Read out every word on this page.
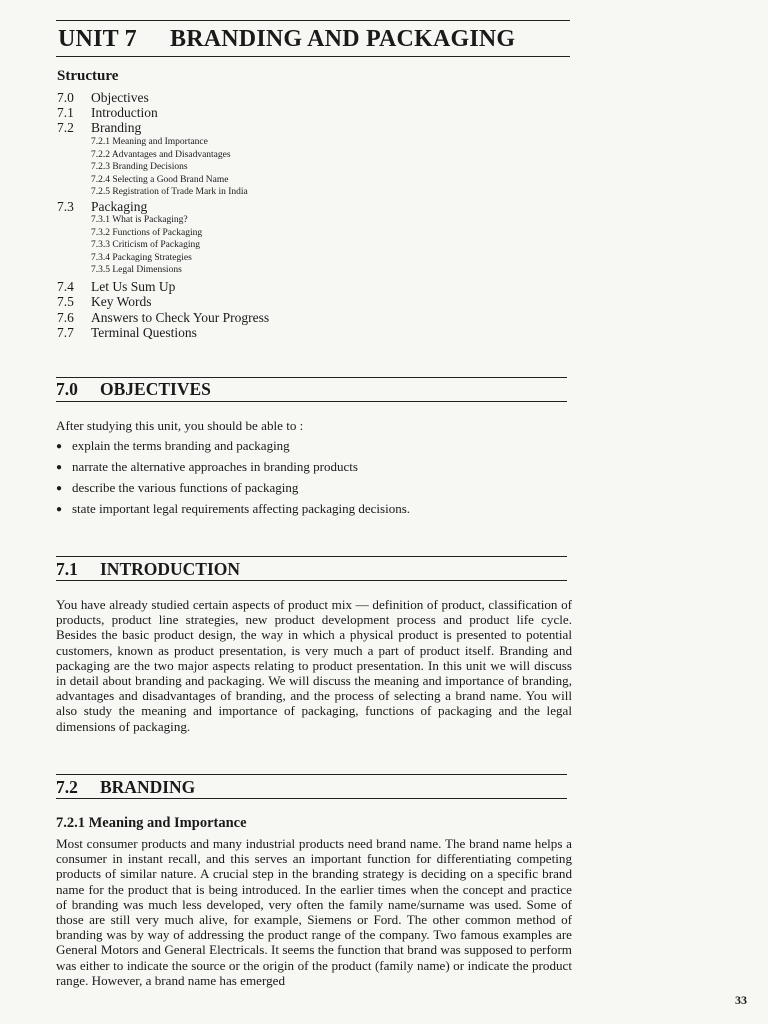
UNIT 7 BRANDING AND PACKAGING
Structure
7.0 Objectives
7.1 Introduction
7.2 Branding
7.2.1 Meaning and Importance
7.2.2 Advantages and Disadvantages
7.2.3 Branding Decisions
7.2.4 Selecting a Good Brand Name
7.2.5 Registration of Trade Mark in India
7.3 Packaging
7.3.1 What is Packaging?
7.3.2 Functions of Packaging
7.3.3 Criticism of Packaging
7.3.4 Packaging Strategies
7.3.5 Legal Dimensions
7.4 Let Us Sum Up
7.5 Key Words
7.6 Answers to Check Your Progress
7.7 Terminal Questions
7.0 OBJECTIVES
After studying this unit, you should be able to :
● explain the terms branding and packaging
● narrate the alternative approaches in branding products
● describe the various functions of packaging
● state important legal requirements affecting packaging decisions.
7.1 INTRODUCTION
You have already studied certain aspects of product mix — definition of product, classification of products, product line strategies, new product development process and product life cycle. Besides the basic product design, the way in which a physical product is presented to potential customers, known as product presentation, is very much a part of product itself. Branding and packaging are the two major aspects relating to product presentation. In this unit we will discuss in detail about branding and packaging. We will discuss the meaning and importance of branding, advantages and disadvantages of branding, and the process of selecting a brand name. You will also study the meaning and importance of packaging, functions of packaging and the legal dimensions of packaging.
7.2 BRANDING
7.2.1 Meaning and Importance
Most consumer products and many industrial products need brand name. The brand name helps a consumer in instant recall, and this serves an important function for differentiating competing products of similar nature. A crucial step in the branding strategy is deciding on a specific brand name for the product that is being introduced. In the earlier times when the concept and practice of branding was much less developed, very often the family name/surname was used. Some of those are still very much alive, for example, Siemens or Ford. The other common method of branding was by way of addressing the product range of the company. Two famous examples are General Motors and General Electricals. It seems the function that brand was supposed to perform was either to indicate the source or the origin of the product (family name) or indicate the product range. However, a brand name has emerged
33
